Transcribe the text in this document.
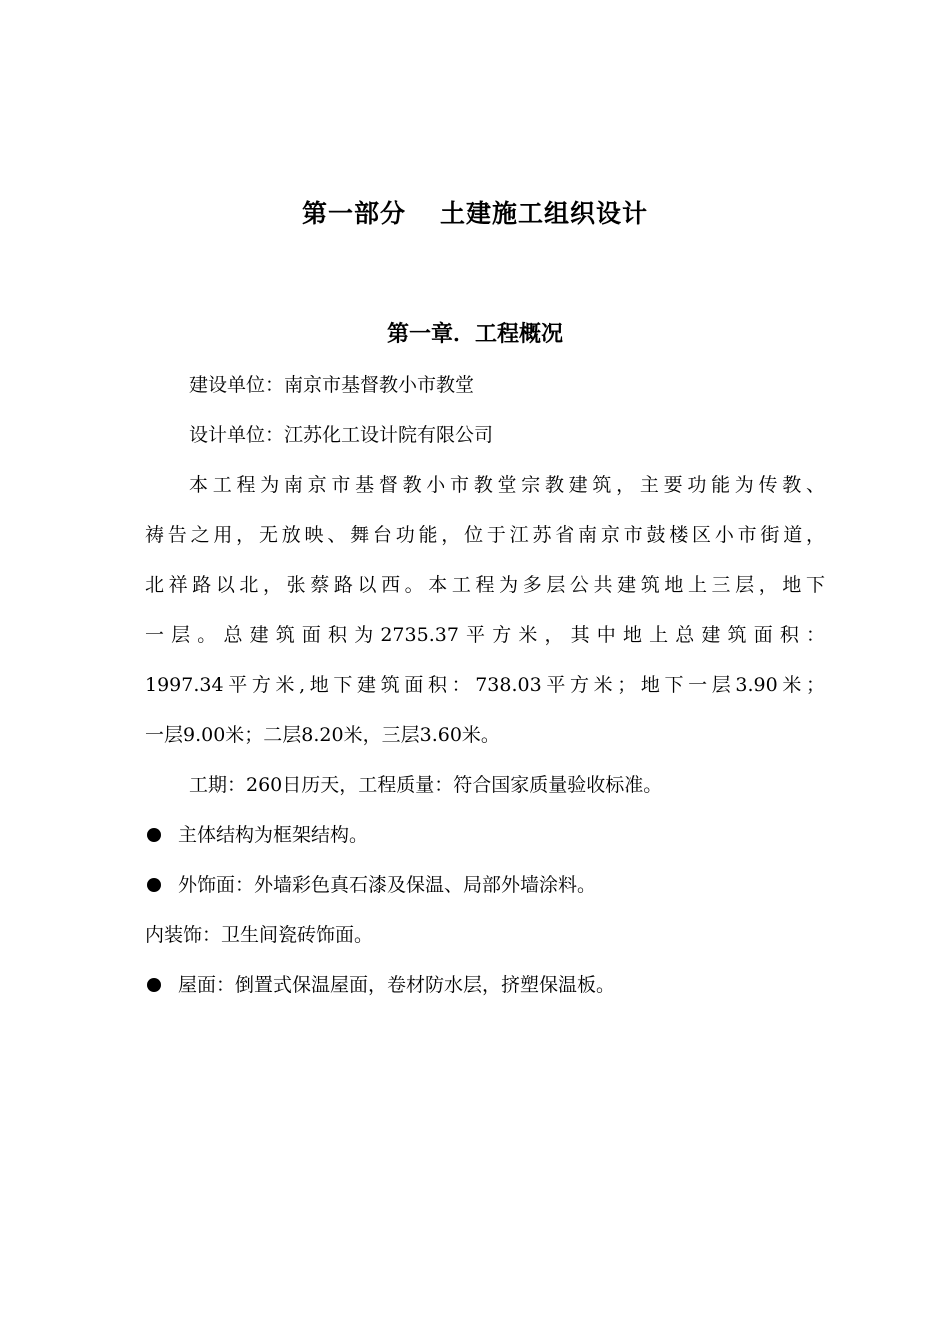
第一部分 土建施工组织设计
第一章．工程概况

建设单位：南京市基督教小市教堂

设计单位：江苏化工设计院有限公司

本工程为南京市基督教小市教堂宗教建筑，主要功能为传教、

祷告之用，无放映、舞台功能，位于江苏省南京市鼓楼区小市街道，

北祥路以北，张蔡路以西。本工程为多层公共建筑地上三层，地下

一层。总建筑面积为2735.37平方米，其中地上总建筑面积：

1997.34平方米,地下建筑面积：738.03平方米；地下一层3.90米；

一层9.00米；二层8.20米，三层3.60米。

工期：260日历天，工程质量：符合国家质量验收标准。

主体结构为框架结构。
外饰面：外墙彩色真石漆及保温、局部外墙涂料。

内装饰：卫生间瓷砖饰面。

屋面：倒置式保温屋面，卷材防水层，挤塑保温板。
